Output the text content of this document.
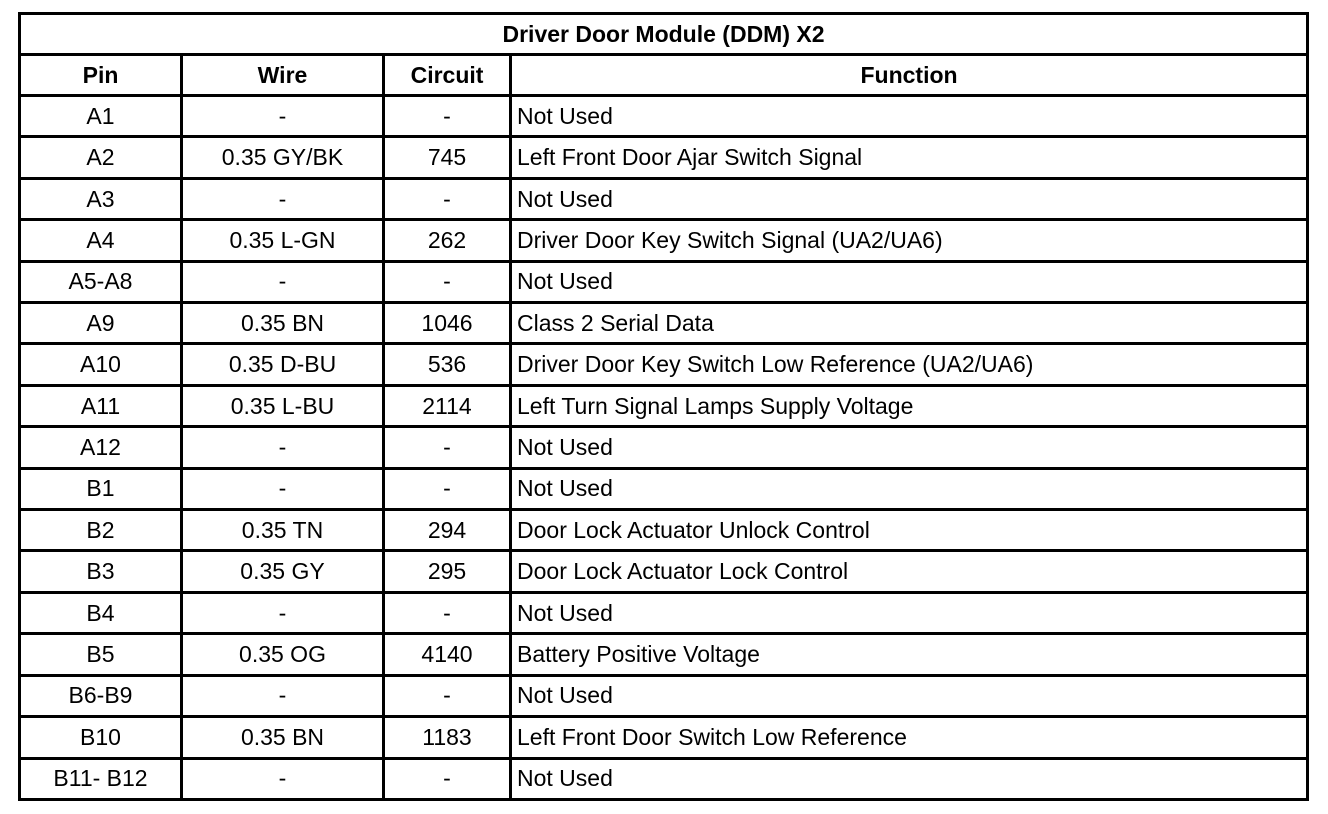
Driver Door Module (DDM) X2			
Pin	Wire	Circuit	Function
A1	-	-	Not Used
A2	0.35 GY/BK	745	Left Front Door Ajar Switch Signal
A3	-	-	Not Used
A4	0.35 L-GN	262	Driver Door Key Switch Signal (UA2/UA6)
A5-A8	-	-	Not Used
A9	0.35 BN	1046	Class 2 Serial Data
A10	0.35 D-BU	536	Driver Door Key Switch Low Reference (UA2/UA6)
A11	0.35 L-BU	2114	Left Turn Signal Lamps Supply Voltage
A12	-	-	Not Used
B1	-	-	Not Used
B2	0.35 TN	294	Door Lock Actuator Unlock Control
B3	0.35 GY	295	Door Lock Actuator Lock Control
B4	-	-	Not Used
B5	0.35 OG	4140	Battery Positive Voltage
B6-B9	-	-	Not Used
B10	0.35 BN	1183	Left Front Door Switch Low Reference
B11- B12	-	-	Not Used
